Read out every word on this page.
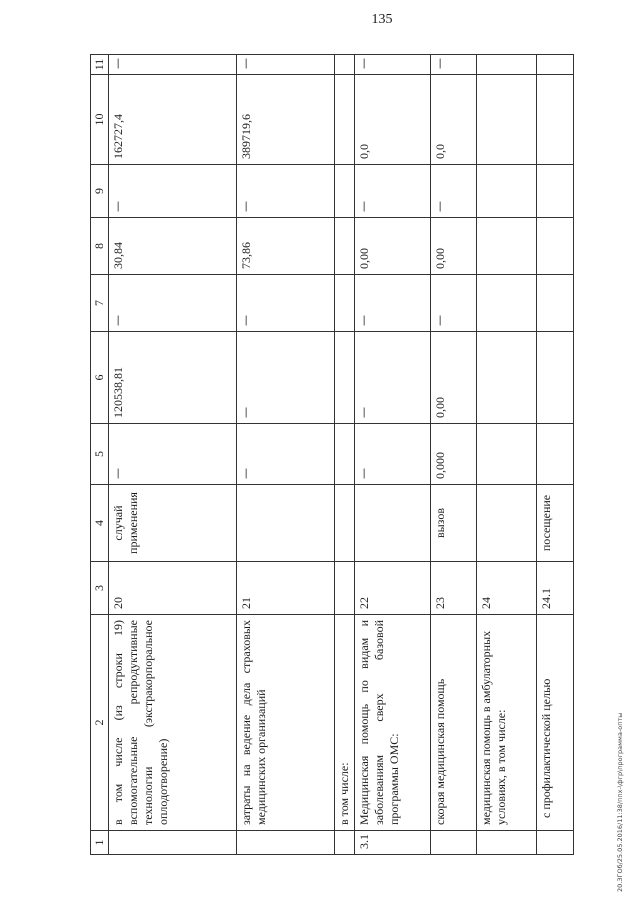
135
20.ЗГОб/25.05.2016/11:38/ппх-\фгр\программа-опты
1	2	3	4	5	6	7	8	9	10	11
	в том числе (из строки 19) вспомогательные репродуктивные технологии (экстракорпоральное оплодотворение)	20	случай применения	—	120538,81	—	30,84	—	162727,4	—

	затраты на ведение дела страховых медицинских организаций	21		—	—	—	73,86	—	389719,6	—

	в том числе:									
3.1	Медицинская помощь по видам и заболеваниям сверх базовой программы ОМС:	22		—	—	—	0,00	—	0,0	—

	скорая медицинская помощь	23	вызов	0,000	0,00	—	0,00	—	0,0	—

	медицинская помощь в амбулаторных условиях, в том числе:	24								
	с профилактической целью	24.1	посещение							
